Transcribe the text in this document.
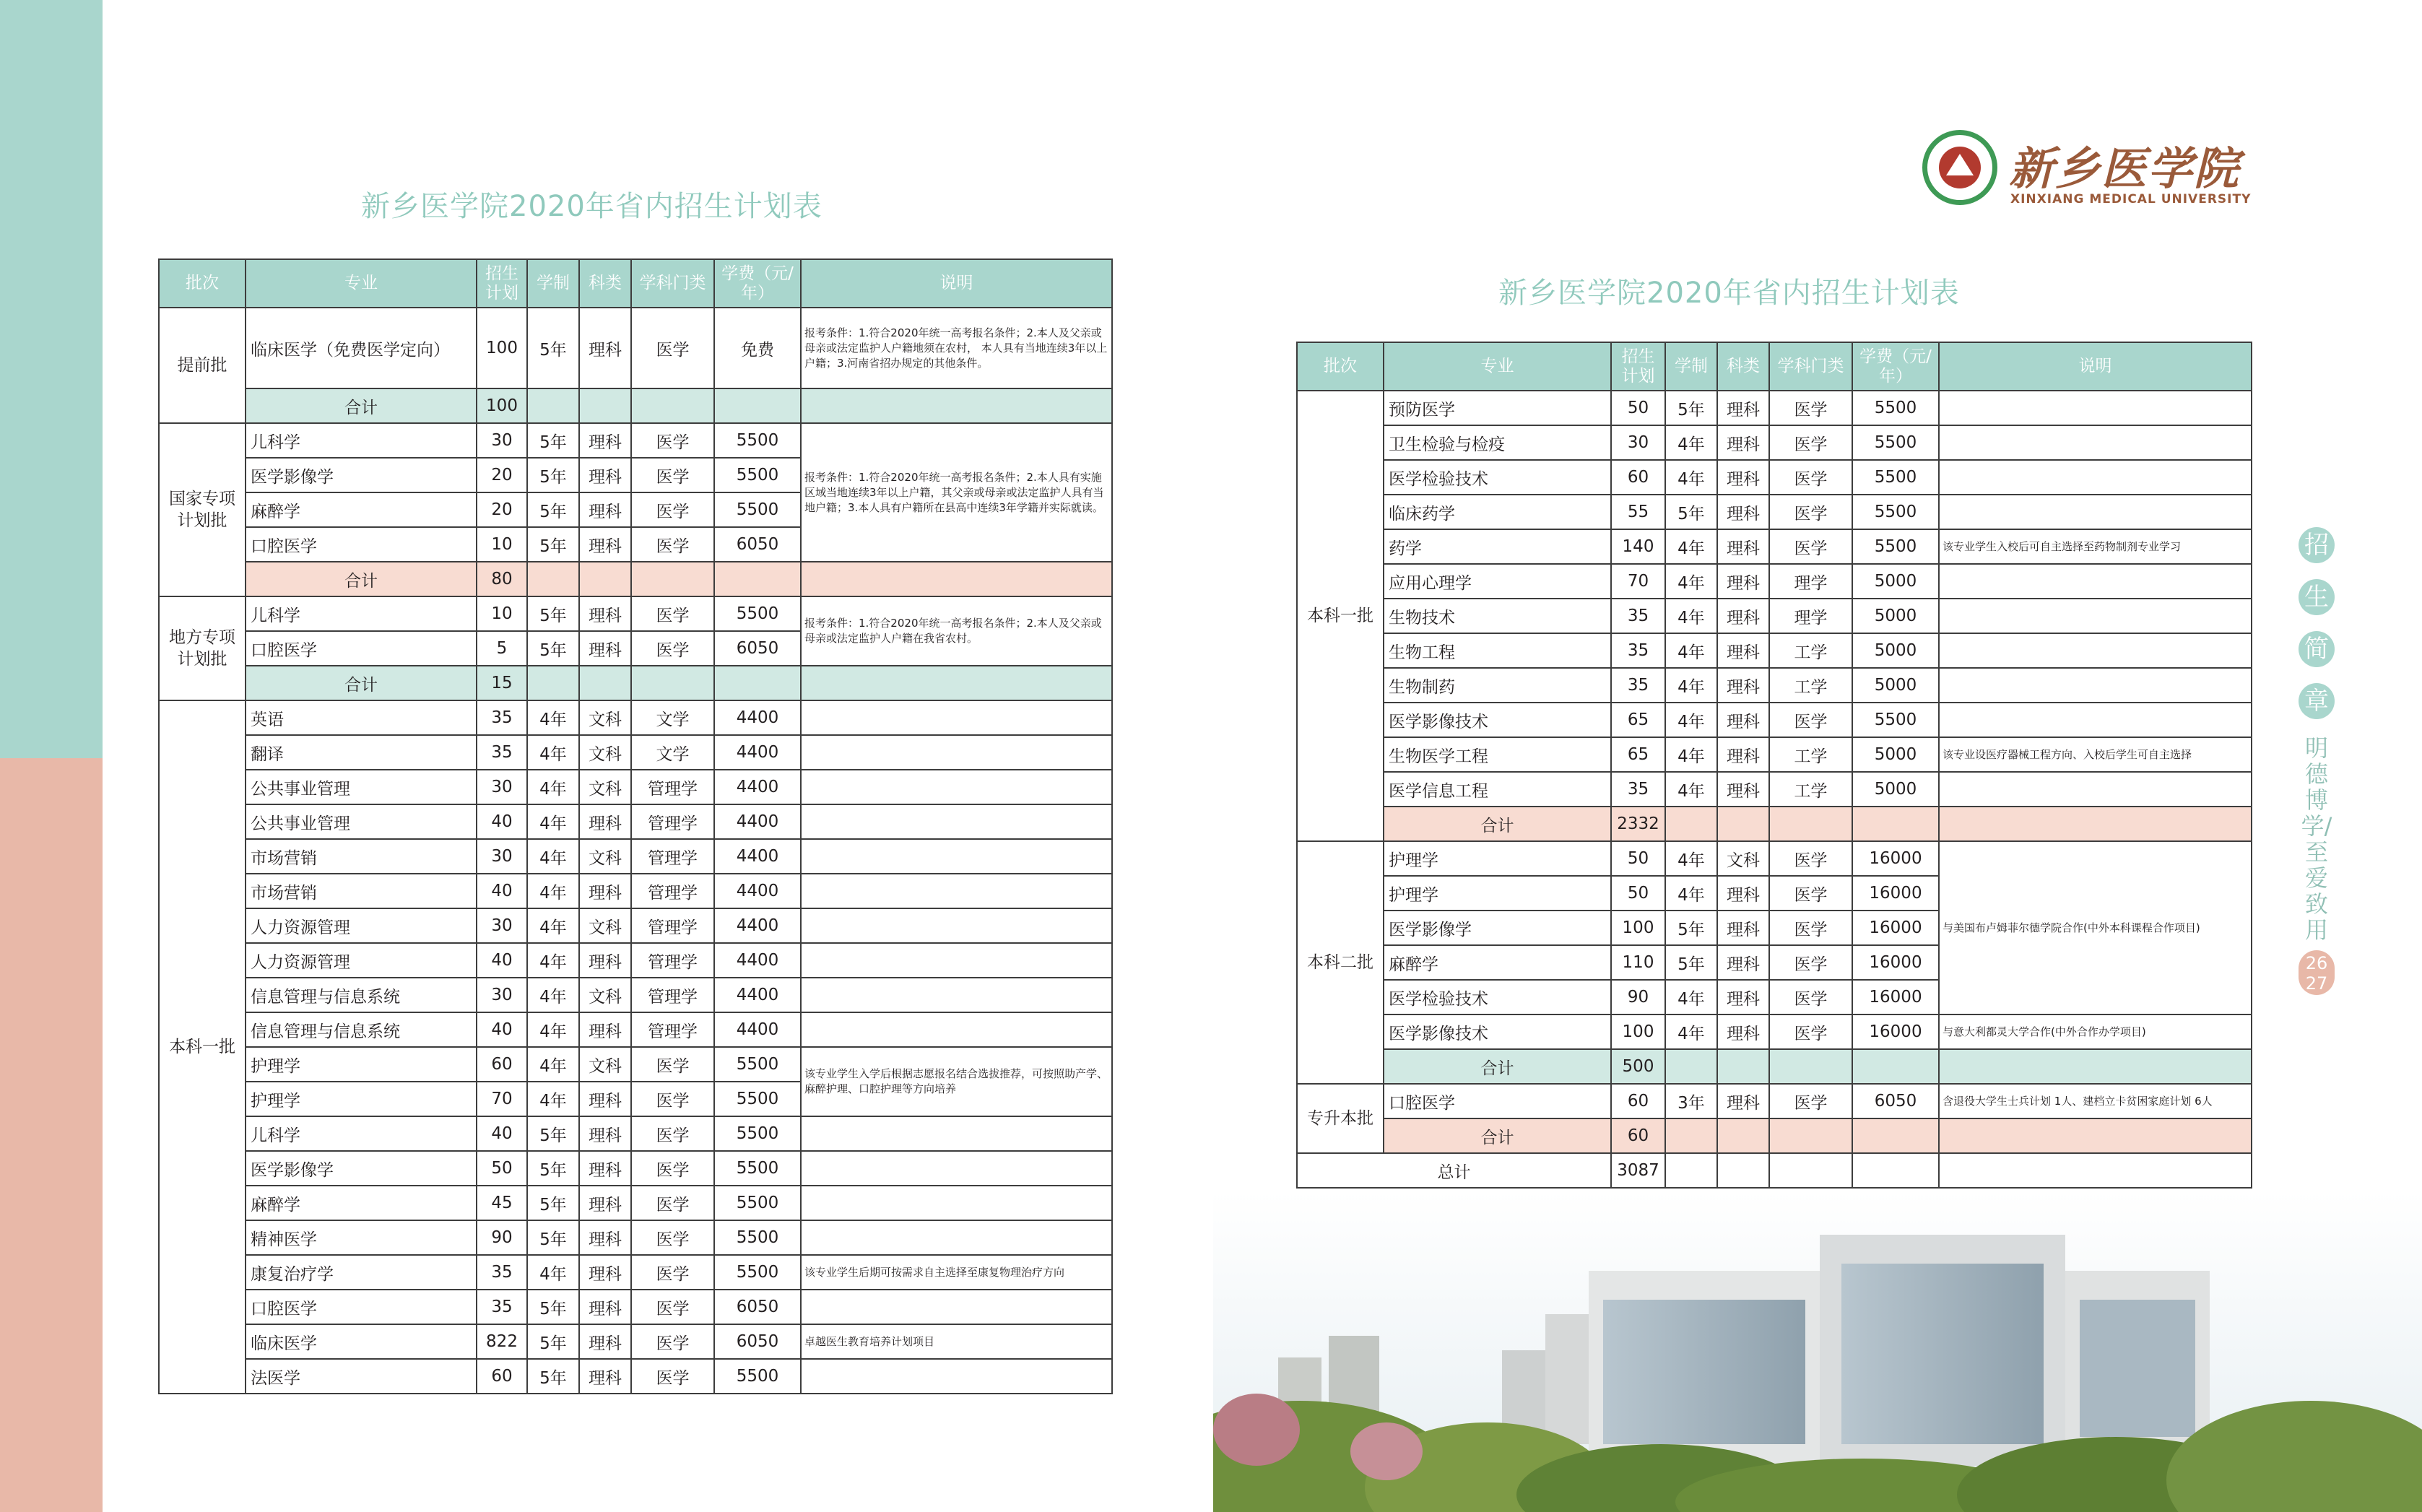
新乡医学院2020年省内招生计划表
批次	专业	招生计划	学制	科类	学科门类	学费（元/年）	说明
提前批	临床医学（免费医学定向）	100	5年	理科	医学	免费	报考条件：1.符合2020年统一高考报名条件；2.本人及父亲或母亲或法定监护人户籍地须在农村， 本人具有当地连续3年以上户籍；3.河南省招办规定的其他条件。
	合计	100					
国家专项计划批	儿科学	30	5年	理科	医学	5500	报考条件：1.符合2020年统一高考报名条件；2.本人具有实施区域当地连续3年以上户籍，其父亲或母亲或法定监护人具有当地户籍；3.本人具有户籍所在县高中连续3年学籍并实际就读。
	医学影像学	20	5年	理科	医学	5500	
	麻醉学	20	5年	理科	医学	5500	
	口腔医学	10	5年	理科	医学	6050	
	合计	80					
地方专项计划批	儿科学	10	5年	理科	医学	5500	报考条件：1.符合2020年统一高考报名条件；2.本人及父亲或母亲或法定监护人户籍在我省农村。
	口腔医学	5	5年	理科	医学	6050	
	合计	15					
本科一批	英语	35	4年	文科	文学	4400	
	翻译	35	4年	文科	文学	4400	
	公共事业管理	30	4年	文科	管理学	4400	
	公共事业管理	40	4年	理科	管理学	4400	
	市场营销	30	4年	文科	管理学	4400	
	市场营销	40	4年	理科	管理学	4400	
	人力资源管理	30	4年	文科	管理学	4400	
	人力资源管理	40	4年	理科	管理学	4400	
	信息管理与信息系统	30	4年	文科	管理学	4400	
	信息管理与信息系统	40	4年	理科	管理学	4400	
	护理学	60	4年	文科	医学	5500	该专业学生入学后根据志愿报名结合选拔推荐，可按照助产学、麻醉护理、口腔护理等方向培养
	护理学	70	4年	理科	医学	5500	
	儿科学	40	5年	理科	医学	5500	
	医学影像学	50	5年	理科	医学	5500	
	麻醉学	45	5年	理科	医学	5500	
	精神医学	90	5年	理科	医学	5500	
	康复治疗学	35	4年	理科	医学	5500	该专业学生后期可按需求自主选择至康复物理治疗方向
	口腔医学	35	5年	理科	医学	6050	
	临床医学	822	5年	理科	医学	6050	卓越医生教育培养计划项目
	法医学	60	5年	理科	医学	5500	
新乡医学院
XINXIANG MEDICAL UNIVERSITY
新乡医学院2020年省内招生计划表
批次	专业	招生计划	学制	科类	学科门类	学费（元/年）	说明
本科一批	预防医学	50	5年	理科	医学	5500	
	卫生检验与检疫	30	4年	理科	医学	5500	
	医学检验技术	60	4年	理科	医学	5500	
	临床药学	55	5年	理科	医学	5500	
	药学	140	4年	理科	医学	5500	该专业学生入校后可自主选择至药物制剂专业学习
	应用心理学	70	4年	理科	理学	5000	
	生物技术	35	4年	理科	理学	5000	
	生物工程	35	4年	理科	工学	5000	
	生物制药	35	4年	理科	工学	5000	
	医学影像技术	65	4年	理科	医学	5500	
	生物医学工程	65	4年	理科	工学	5000	该专业设医疗器械工程方向、入校后学生可自主选择
	医学信息工程	35	4年	理科	工学	5000	
	合计	2332					
本科二批	护理学	50	4年	文科	医学	16000	与美国布卢姆菲尔德学院合作(中外本科课程合作项目)
	护理学	50	4年	理科	医学	16000	
	医学影像学	100	5年	理科	医学	16000	
	麻醉学	110	5年	理科	医学	16000	
	医学检验技术	90	4年	理科	医学	16000	
	医学影像技术	100	4年	理科	医学	16000	与意大利都灵大学合作(中外合作办学项目)
	合计	500					
专升本批	口腔医学	60	3年	理科	医学	6050	含退役大学生士兵计划 1人、建档立卡贫困家庭计划 6人
	合计	60					
总计		3087					
招
生
简
章
明德博学/至爱致用
26 27
